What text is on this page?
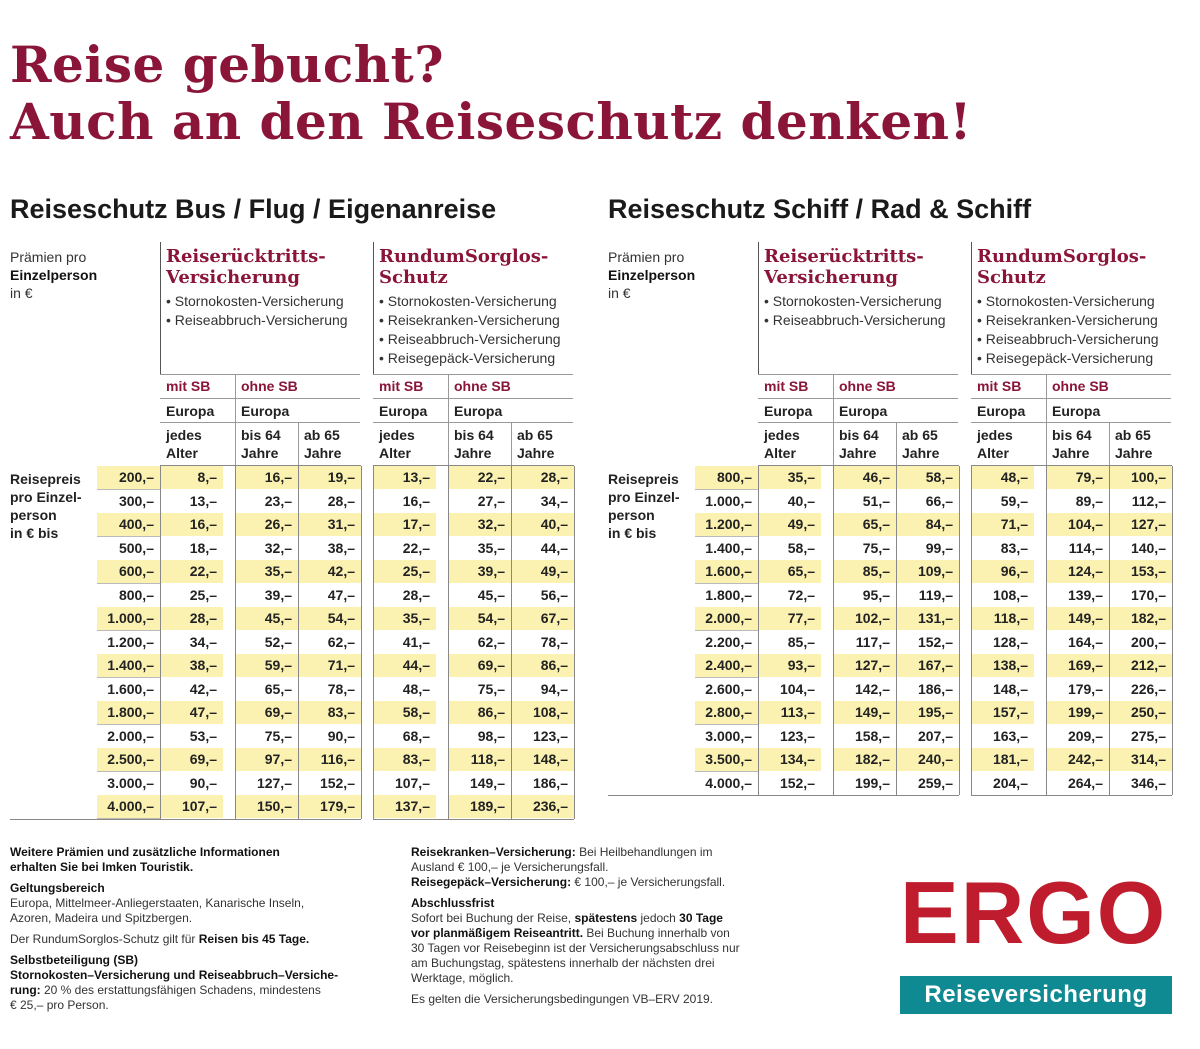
Reise gebucht?
Auch an den Reiseschutz denken!
Reiseschutz Bus / Flug / Eigenanreise	Reiseschutz Schiff / Rad & Schiff
Prämien pro
Einzelperson
in €
Reiserücktritts-
Versicherung
• Stornokosten-Versicherung
• Reiseabbruch-Versicherung
RundumSorglos-
Schutz
• Stornokosten-Versicherung
• Reisekranken-Versicherung
• Reiseabbruch-Versicherung
• Reisegepäck-Versicherung
mit SB ohne SB	mit SB ohne SB
Europa Europa	Europa Europa
jedes
Alter
bis 64
Jahre
ab 65
Jahre
jedes
Alter
bis 64
Jahre
ab 65
Jahre
Reisepreis
pro Einzel-
person
in € bis
200,–	8,–	16,–	19,–	13,–	22,–	28,–
300,–	13,–	23,–	28,–	16,–	27,–	34,–
400,–	16,–	26,–	31,–	17,–	32,–	40,–
500,–	18,–	32,–	38,–	22,–	35,–	44,–
600,–	22,–	35,–	42,–	25,–	39,–	49,–
800,–	25,–	39,–	47,–	28,–	45,–	56,–
1.000,–	28,–	45,–	54,–	35,–	54,–	67,–
1.200,–	34,–	52,–	62,–	41,–	62,–	78,–
1.400,–	38,–	59,–	71,–	44,–	69,–	86,–
1.600,–	42,–	65,–	78,–	48,–	75,–	94,–
1.800,–	47,–	69,–	83,–	58,–	86,–	108,–
2.000,–	53,–	75,–	90,–	68,–	98,–	123,–
2.500,–	69,–	97,–	116,–	83,–	118,–	148,–
3.000,–	90,–	127,–	152,–	107,–	149,–	186,–
4.000,–	107,–	150,–	179,–	137,–	189,–	236,–
Prämien pro
Einzelperson
in €
Reiserücktritts-
Versicherung
• Stornokosten-Versicherung
• Reiseabbruch-Versicherung
RundumSorglos-
Schutz
• Stornokosten-Versicherung
• Reisekranken-Versicherung
• Reiseabbruch-Versicherung
• Reisegepäck-Versicherung
mit SB ohne SB	mit SB ohne SB
Europa Europa	Europa Europa
jedes
Alter
bis 64
Jahre
ab 65
Jahre
jedes
Alter
bis 64
Jahre
ab 65
Jahre
Reisepreis
pro Einzel-
person
in € bis
800,–	35,–	46,–	58,–	48,–	79,–	100,–
1.000,–	40,–	51,–	66,–	59,–	89,–	112,–
1.200,–	49,–	65,–	84,–	71,–	104,–	127,–
1.400,–	58,–	75,–	99,–	83,–	114,–	140,–
1.600,–	65,–	85,–	109,–	96,–	124,–	153,–
1.800,–	72,–	95,–	119,–	108,–	139,–	170,–
2.000,–	77,–	102,–	131,–	118,–	149,–	182,–
2.200,–	85,–	117,–	152,–	128,–	164,–	200,–
2.400,–	93,–	127,–	167,–	138,–	169,–	212,–
2.600,–	104,–	142,–	186,–	148,–	179,–	226,–
2.800,–	113,–	149,–	195,–	157,–	199,–	250,–
3.000,–	123,–	158,–	207,–	163,–	209,–	275,–
3.500,–	134,–	182,–	240,–	181,–	242,–	314,–
4.000,–	152,–	199,–	259,–	204,–	264,–	346,–

Weitere Prämien und zusätzliche Informationen
erhalten Sie bei Imken Touristik.

Geltungsbereich
Europa, Mittelmeer-Anliegerstaaten, Kanarische Inseln,
Azoren, Madeira und Spitzbergen.

Der RundumSorglos-Schutz gilt für Reisen bis 45 Tage.

Selbstbeteiligung (SB)
Stornokosten–Versicherung und Reiseabbruch–Versiche-
rung: 20 % des erstattungsfähigen Schadens, mindestens
€ 25,– pro Person.

Reisekranken–Versicherung: Bei Heilbehandlungen im
Ausland € 100,– je Versicherungsfall.
Reisegepäck–Versicherung: € 100,– je Versicherungsfall.

Abschlussfrist
Sofort bei Buchung der Reise, spätestens jedoch 30 Tage
vor planmäßigem Reiseantritt. Bei Buchung innerhalb von
30 Tagen vor Reisebeginn ist der Versicherungsabschluss nur
am Buchungstag, spätestens innerhalb der nächsten drei
Werktage, möglich.

Es gelten die Versicherungsbedingungen VB–ERV 2019.

ERGO
Reiseversicherung
